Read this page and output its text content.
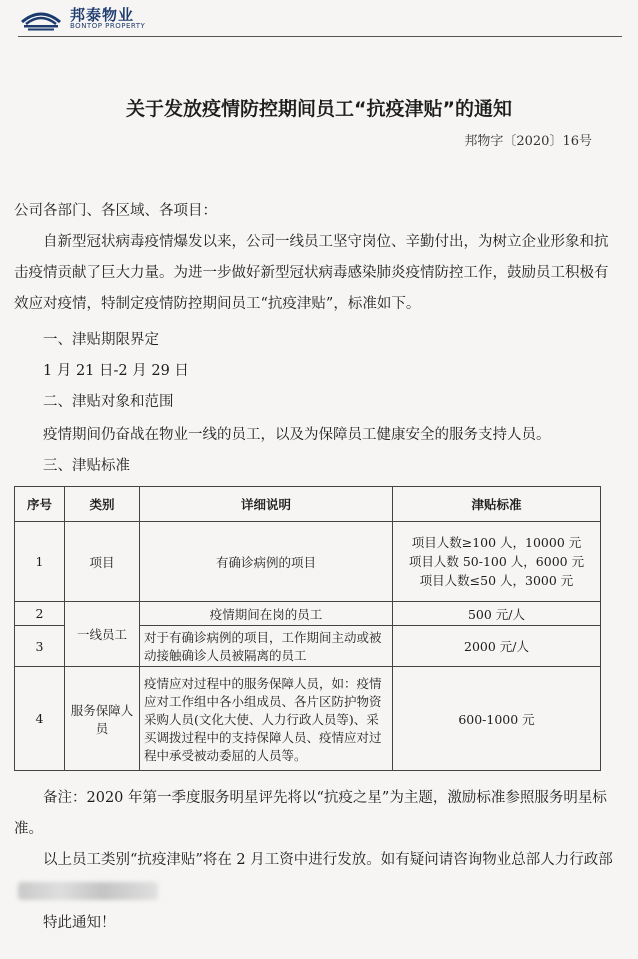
邦泰物业
BONTOP PROPERTY
关于发放疫情防控期间员工“抗疫津贴”的通知
邦物字〔2020〕16号
公司各部门、各区域、各项目：
自新型冠状病毒疫情爆发以来，公司一线员工坚守岗位、辛勤付出，为树立企业形象和抗击疫情贡献了巨大力量。为进一步做好新型冠状病毒感染肺炎疫情防控工作，鼓励员工积极有效应对疫情，特制定疫情防控期间员工“抗疫津贴”，标准如下。
一、津贴期限界定
1 月 21 日-2 月 29 日
二、津贴对象和范围
疫情期间仍奋战在物业一线的员工，以及为保障员工健康安全的服务支持人员。
三、津贴标准
序号	类别	详细说明	津贴标准
1	项目	有确诊病例的项目	项目人数≥100 人，10000 元
项目人数 50-100 人，6000 元
项目人数≤50 人，3000 元

2	一线员工	疫情期间在岗的员工	500 元/人
3		对于有确诊病例的项目，工作期间主动或被动接触确诊人员被隔离的员工	2000 元/人
4	服务保障人员	疫情应对过程中的服务保障人员，如：疫情应对工作组中各小组成员、各片区防护物资采购人员(文化大使、人力行政人员等)、采买调拨过程中的支持保障人员、疫情应对过程中承受被动委屈的人员等。	600-1000 元
备注：2020 年第一季度服务明星评先将以“抗疫之星”为主题，激励标准参照服务明星标准。
以上员工类别“抗疫津贴”将在 2 月工资中进行发放。如有疑问请咨询物业总部人力行政部
特此通知！
